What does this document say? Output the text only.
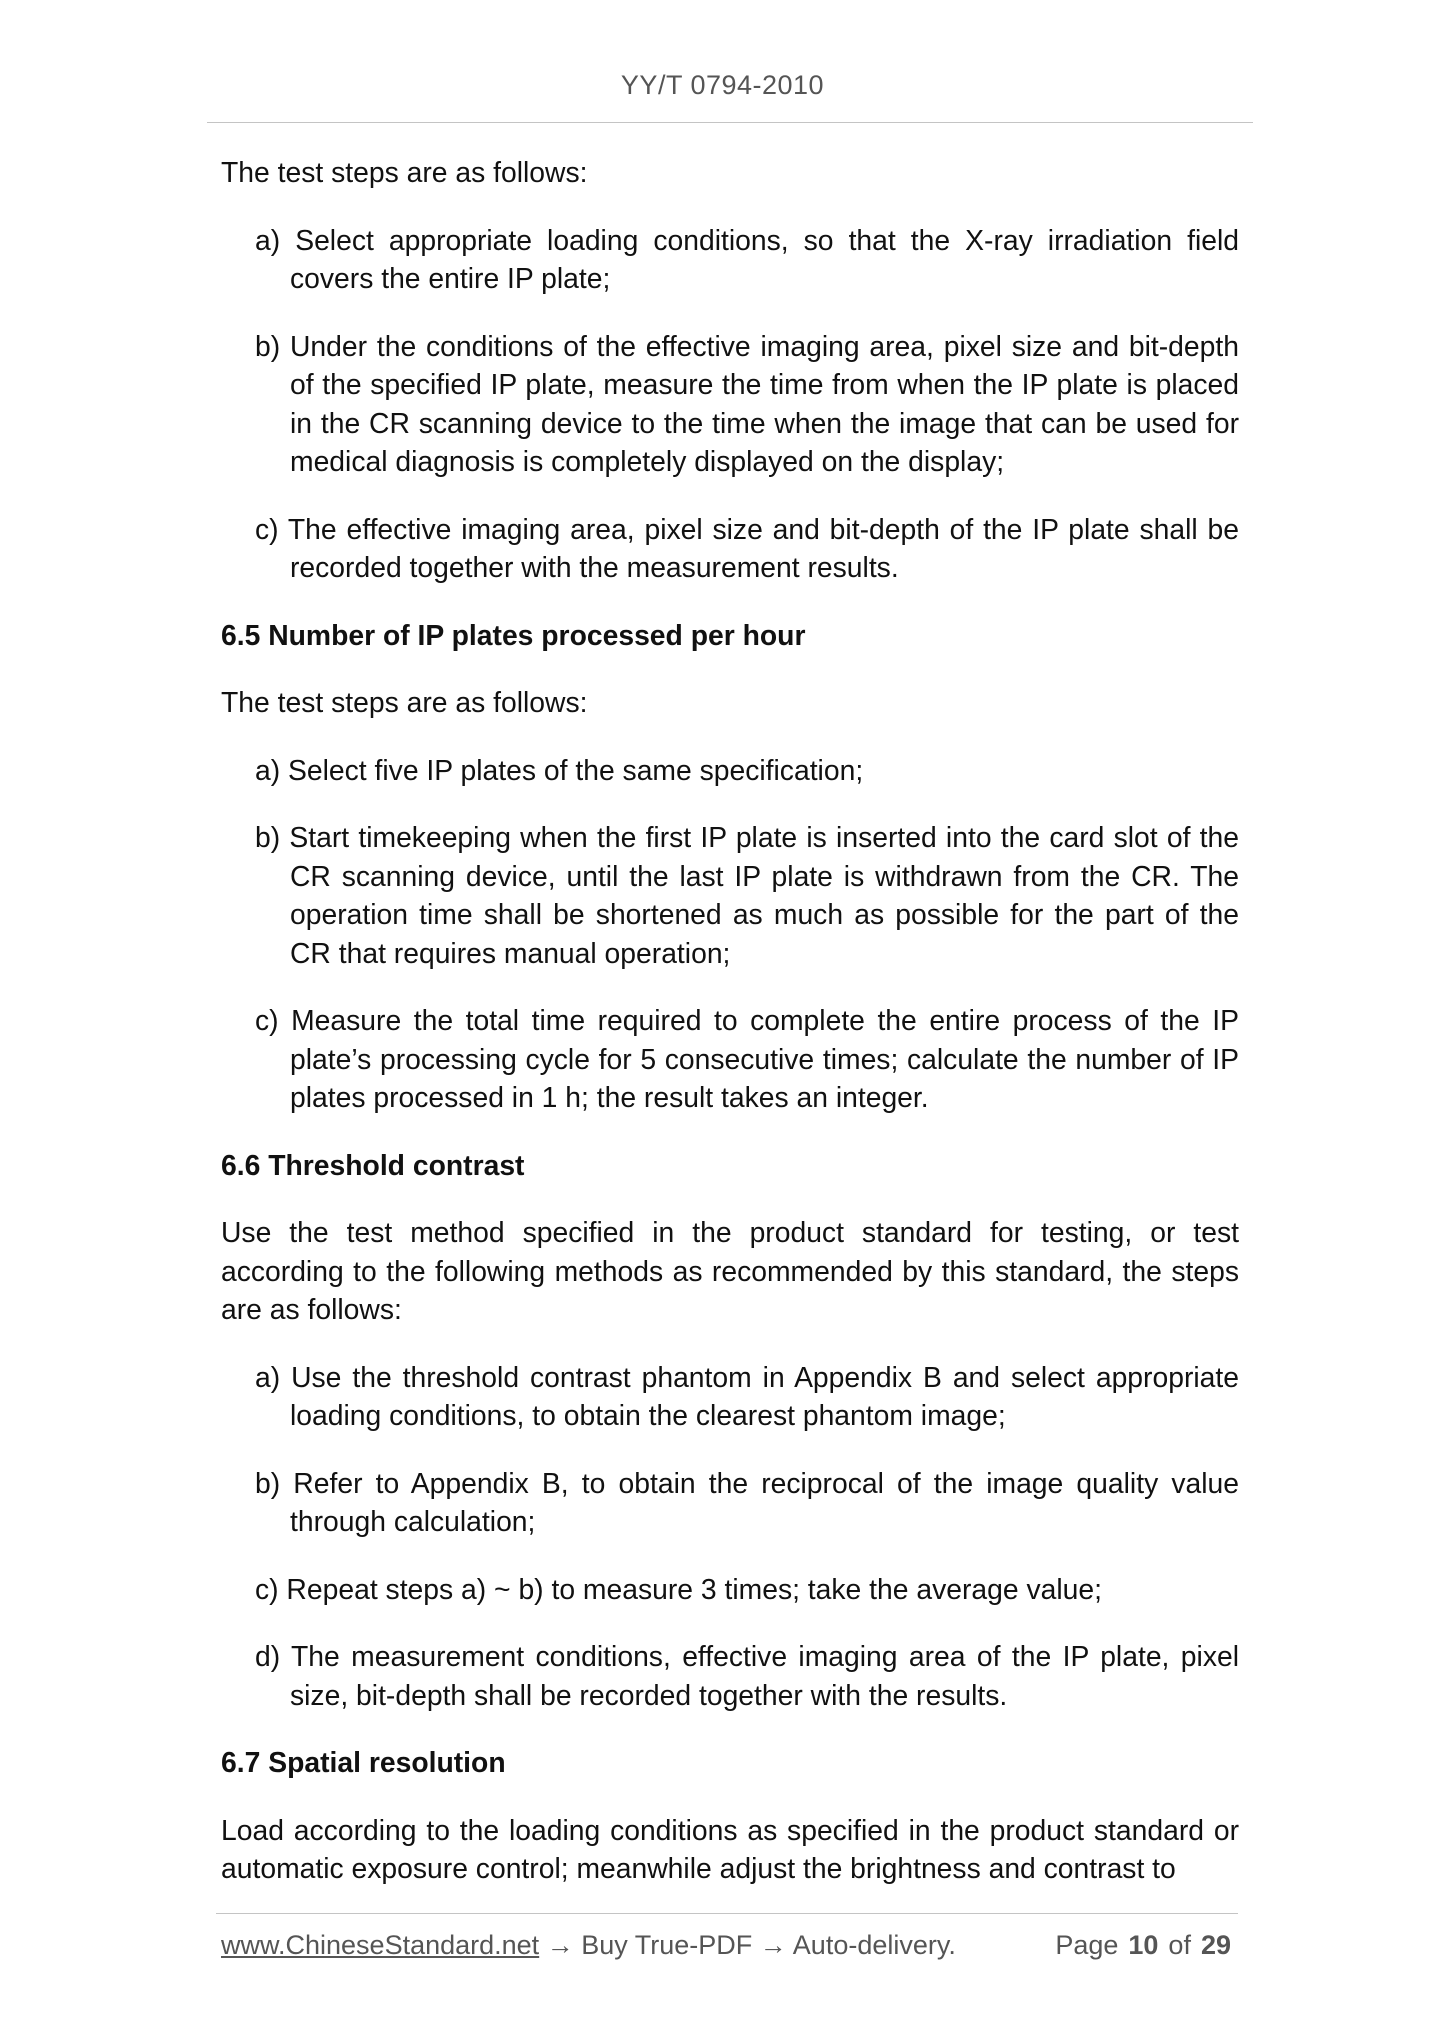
YY/T 0794-2010

The test steps are as follows:

a) Select appropriate loading conditions, so that the X-ray irradiation field covers the entire IP plate;

b) Under the conditions of the effective imaging area, pixel size and bit-depth of the specified IP plate, measure the time from when the IP plate is placed in the CR scanning device to the time when the image that can be used for medical diagnosis is completely displayed on the display;

c) The effective imaging area, pixel size and bit-depth of the IP plate shall be recorded together with the measurement results.

6.5 Number of IP plates processed per hour

The test steps are as follows:

a) Select five IP plates of the same specification;

b) Start timekeeping when the first IP plate is inserted into the card slot of the CR scanning device, until the last IP plate is withdrawn from the CR. The operation time shall be shortened as much as possible for the part of the CR that requires manual operation;

c) Measure the total time required to complete the entire process of the IP plate’s processing cycle for 5 consecutive times; calculate the number of IP plates processed in 1 h; the result takes an integer.

6.6 Threshold contrast

Use the test method specified in the product standard for testing, or test according to the following methods as recommended by this standard, the steps are as follows:

a) Use the threshold contrast phantom in Appendix B and select appropriate loading conditions, to obtain the clearest phantom image;

b) Refer to Appendix B, to obtain the reciprocal of the image quality value through calculation;

c) Repeat steps a) ~ b) to measure 3 times; take the average value;

d) The measurement conditions, effective imaging area of the IP plate, pixel size, bit-depth shall be recorded together with the results.

6.7 Spatial resolution

Load according to the loading conditions as specified in the product standard or automatic exposure control; meanwhile adjust the brightness and contrast to

www.ChineseStandard.net → Buy True-PDF → Auto-delivery.	Page 10 of 29
